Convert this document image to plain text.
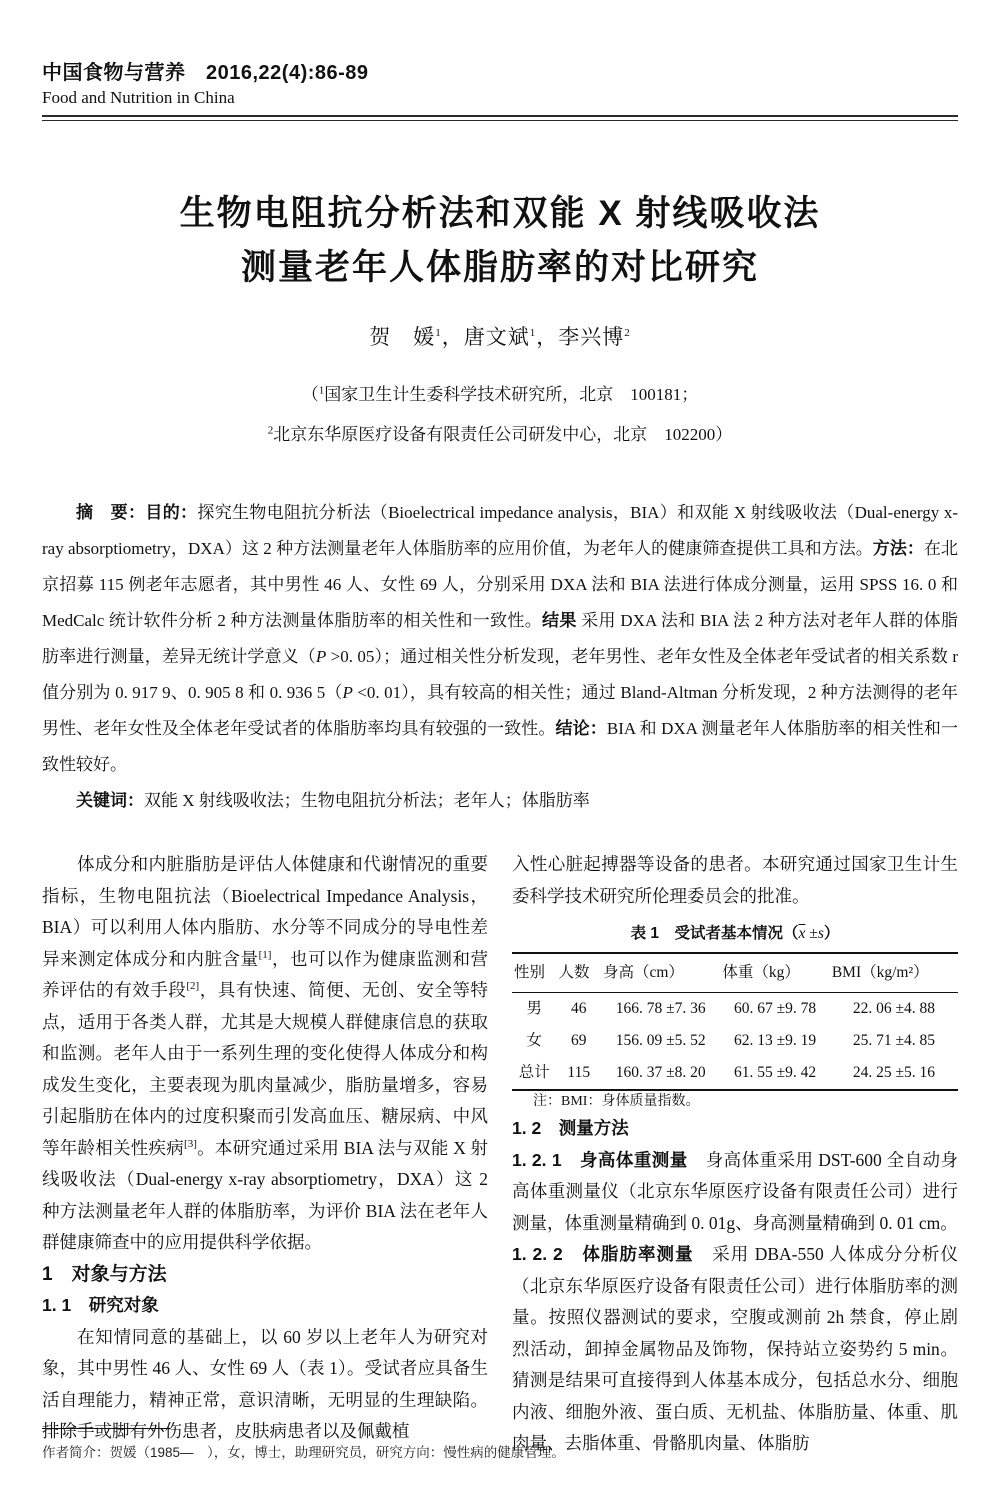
中国食物与营养　2016,22(4):86-89
Food and Nutrition in China
生物电阻抗分析法和双能 X 射线吸收法
测量老年人体脂肪率的对比研究
贺　媛$^1$，唐文斌$^1$，李兴博$^2$
（$^1$国家卫生计生委科学技术研究所，北京　100181；
$^2$北京东华原医疗设备有限责任公司研发中心，北京　102200）

摘　要：目的：探究生物电阻抗分析法（Bioelectrical impedance analysis，BIA）和双能 X 射线吸收法（Dual-energy x-ray absorptiometry，DXA）这 2 种方法测量老年人体脂肪率的应用价值，为老年人的健康筛查提供工具和方法。方法：在北京招募 115 例老年志愿者，其中男性 46 人、女性 69 人，分别采用 DXA 法和 BIA 法进行体成分测量，运用 SPSS 16. 0 和 MedCalc 统计软件分析 2 种方法测量体脂肪率的相关性和一致性。结果 采用 DXA 法和 BIA 法 2 种方法对老年人群的体脂肪率进行测量，差异无统计学意义（P >0. 05）；通过相关性分析发现，老年男性、老年女性及全体老年受试者的相关系数 r 值分别为 0. 917 9、0. 905 8 和 0. 936 5（P <0. 01），具有较高的相关性；通过 Bland-Altman 分析发现，2 种方法测得的老年男性、老年女性及全体老年受试者的体脂肪率均具有较强的一致性。结论：BIA 和 DXA 测量老年人体脂肪率的相关性和一致性较好。

关键词：双能 X 射线吸收法；生物电阻抗分析法；老年人；体脂肪率

体成分和内脏脂肪是评估人体健康和代谢情况的重要指标，生物电阻抗法（Bioelectrical Impedance Analysis，BIA）可以利用人体内脂肪、水分等不同成分的导电性差异来测定体成分和内脏含量[1]，也可以作为健康监测和营养评估的有效手段[2]，具有快速、简便、无创、安全等特点，适用于各类人群，尤其是大规模人群健康信息的获取和监测。老年人由于一系列生理的变化使得人体成分和构成发生变化，主要表现为肌肉量减少，脂肪量增多，容易引起脂肪在体内的过度积聚而引发高血压、糖尿病、中风等年龄相关性疾病[3]。本研究通过采用 BIA 法与双能 X 射线吸收法（Dual-energy x-ray absorptiometry，DXA）这 2 种方法测量老年人群的体脂肪率，为评价 BIA 法在老年人群健康筛查中的应用提供科学依据。

1　对象与方法

1. 1　研究对象

在知情同意的基础上，以 60 岁以上老年人为研究对象，其中男性 46 人、女性 69 人（表 1）。受试者应具备生活自理能力，精神正常，意识清晰，无明显的生理缺陷。排除手或脚有外伤患者，皮肤病患者以及佩戴植

入性心脏起搏器等设备的患者。本研究通过国家卫生计生委科学技术研究所伦理委员会的批准。

表 1　受试者基本情况$(\overline{x} \pm s)$
性别	人数	身高（cm）	体重（kg）	BMI（kg/m²）
男	46	166. 78 ±7. 36	60. 67 ±9. 78	22. 06 ±4. 88
女	69	156. 09 ±5. 52	62. 13 ±9. 19	25. 71 ±4. 85
总计	115	160. 37 ±8. 20	61. 55 ±9. 42	24. 25 ±5. 16

注：BMI：身体质量指数。

1. 2　测量方法

1. 2. 1　身高体重测量　身高体重采用 DST-600 全自动身高体重测量仪（北京东华原医疗设备有限责任公司）进行测量，体重测量精确到 0. 01g、身高测量精确到 0. 01 cm。

1. 2. 2　体脂肪率测量　采用 DBA-550 人体成分分析仪（北京东华原医疗设备有限责任公司）进行体脂肪率的测量。按照仪器测试的要求，空腹或测前 2h 禁食，停止剧烈活动，卸掉金属物品及饰物，保持站立姿势约 5 min。猜测是结果可直接得到人体基本成分，包括总水分、细胞内液、细胞外液、蛋白质、无机盐、体脂肪量、体重、肌肉量、去脂体重、骨骼肌肉量、体脂肪

作者简介：贺媛（1985—　），女，博士，助理研究员，研究方向：慢性病的健康管理。
